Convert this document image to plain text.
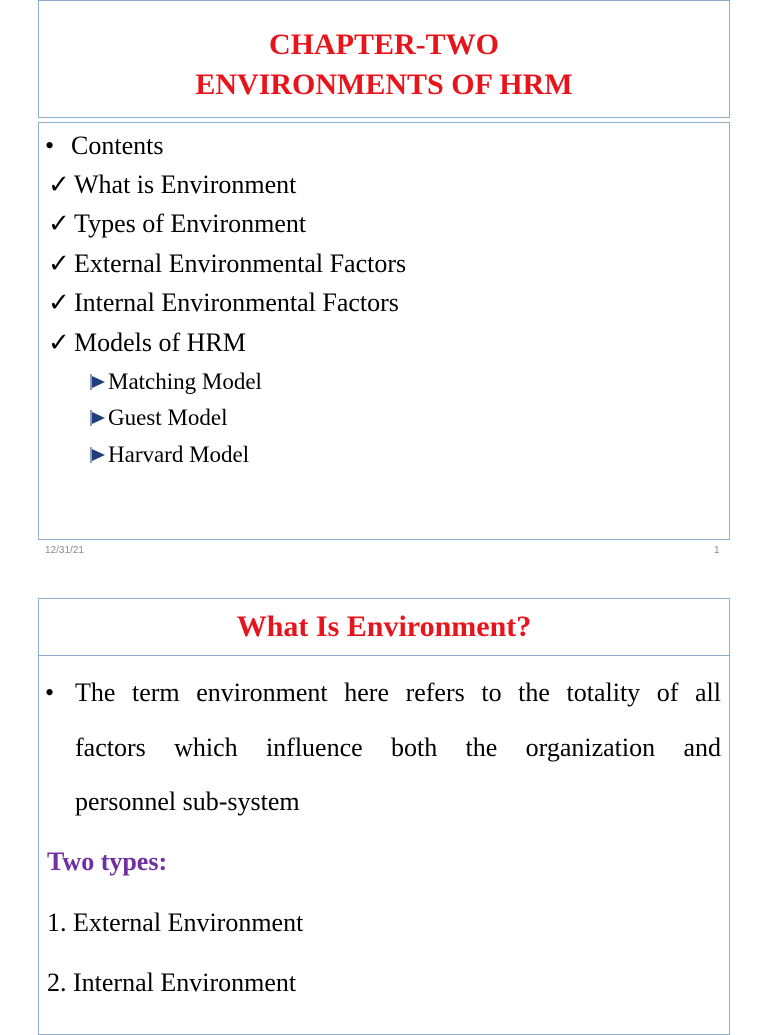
CHAPTER-TWO
ENVIRONMENTS OF HRM
• Contents
✓ What is Environment
✓ Types of Environment
✓ External Environmental Factors
✓ Internal Environmental Factors
✓ Models of HRM
Matching Model
Guest Model
Harvard Model
12/31/21	1
What Is Environment?
• The term environment here refers to the totality of all
factors which influence both the organization and
personnel sub-system
Two types:
1. External Environment
2. Internal Environment
